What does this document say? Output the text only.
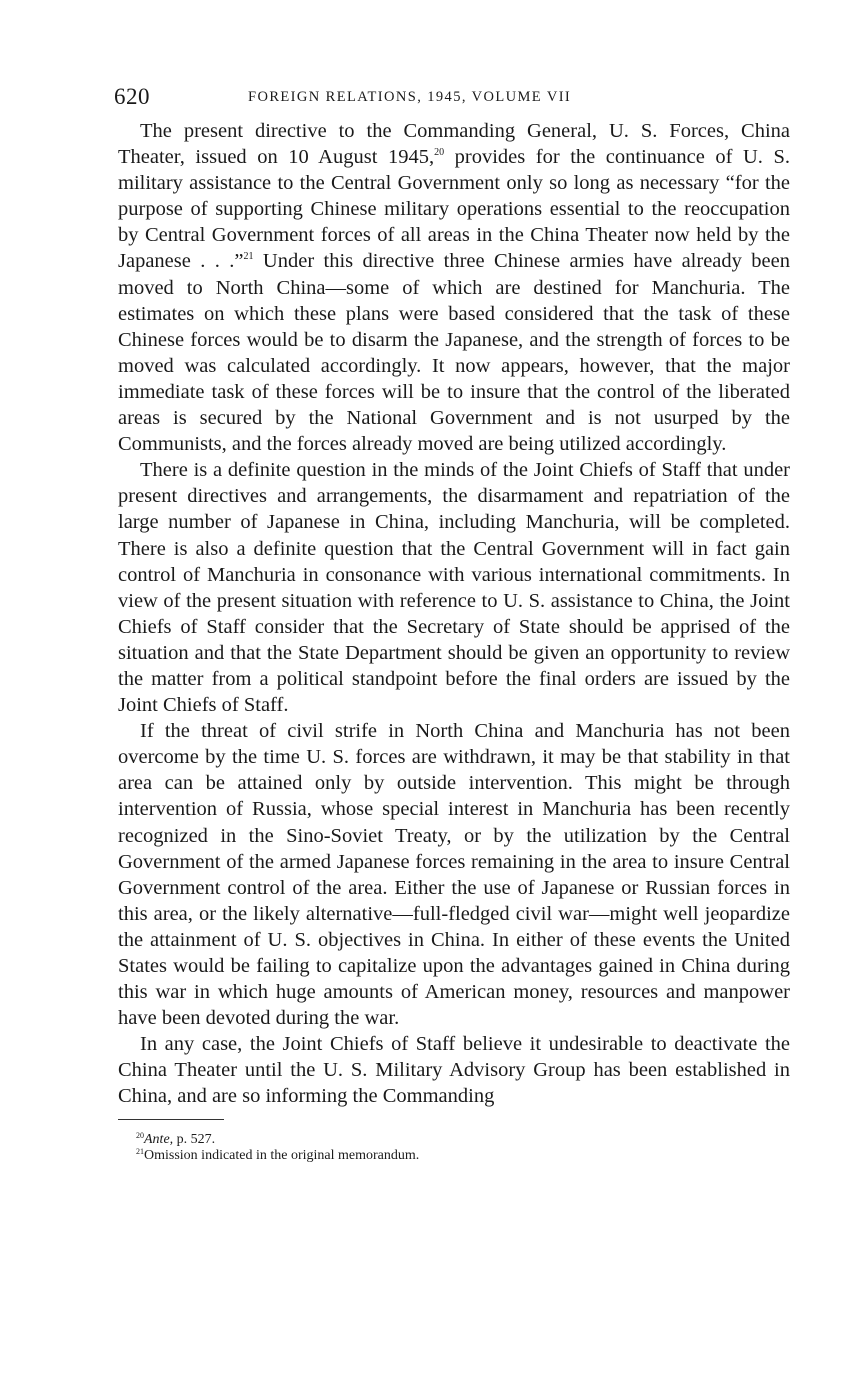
620	FOREIGN RELATIONS, 1945, VOLUME VII

The present directive to the Commanding General, U. S. Forces, China Theater, issued on 10 August 1945,20 provides for the continuance of U. S. military assistance to the Central Government only so long as necessary “for the purpose of supporting Chinese military operations essential to the reoccupation by Central Government forces of all areas in the China Theater now held by the Japanese . . .”$^{21}$ Under this directive three Chinese armies have already been moved to North China—some of which are destined for Manchuria. The estimates on which these plans were based considered that the task of these Chinese forces would be to disarm the Japanese, and the strength of forces to be moved was calculated accordingly. It now appears, however, that the major immediate task of these forces will be to insure that the control of the liberated areas is secured by the National Government and is not usurped by the Communists, and the forces already moved are being utilized accordingly.

There is a definite question in the minds of the Joint Chiefs of Staff that under present directives and arrangements, the disarmament and repatriation of the large number of Japanese in China, including Manchuria, will be completed. There is also a definite question that the Central Government will in fact gain control of Manchuria in consonance with various international commitments. In view of the present situation with reference to U. S. assistance to China, the Joint Chiefs of Staff consider that the Secretary of State should be apprised of the situation and that the State Department should be given an opportunity to review the matter from a political standpoint before the final orders are issued by the Joint Chiefs of Staff.

If the threat of civil strife in North China and Manchuria has not been overcome by the time U. S. forces are withdrawn, it may be that stability in that area can be attained only by outside intervention. This might be through intervention of Russia, whose special interest in Manchuria has been recently recognized in the Sino-Soviet Treaty, or by the utilization by the Central Government of the armed Japanese forces remaining in the area to insure Central Government control of the area. Either the use of Japanese or Russian forces in this area, or the likely alternative—full-fledged civil war—might well jeopardize the attainment of U. S. objectives in China. In either of these events the United States would be failing to capitalize upon the advantages gained in China during this war in which huge amounts of American money, resources and manpower have been devoted during the war.

In any case, the Joint Chiefs of Staff believe it undesirable to deactivate the China Theater until the U. S. Military Advisory Group has been established in China, and are so informing the Commanding

$^{20}$Ante, p. 527.
$^{21}$Omission indicated in the original memorandum.
